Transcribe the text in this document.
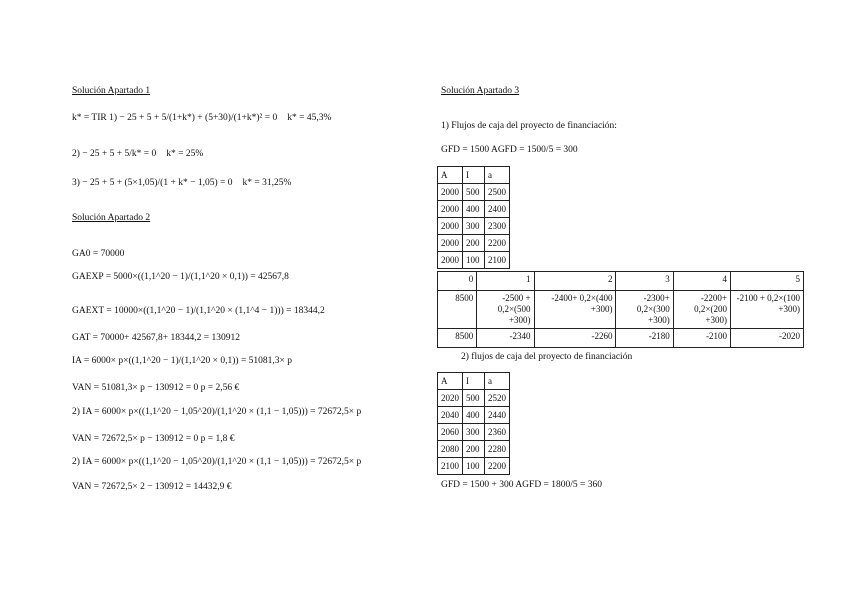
Solución Apartado 1
k* = TIR 1) − 25 + 5 + 5/(1+k*) + (5+30)/(1+k*)² = 0 k* = 45,3%
2) − 25 + 5 + 5/k* = 0 k* = 25%
3) − 25 + 5 + (5×1,05)/(1 + k* − 1,05) = 0 k* = 31,25%
Solución Apartado 2
GA0 = 70000
GAEXP = 5000×((1,1^20 − 1)/(1,1^20 × 0,1)) = 42567,8
GAEXT = 10000×((1,1^20 − 1)/(1,1^20 × (1,1^4 − 1))) = 18344,2
GAT = 70000+ 42567,8+ 18344,2 = 130912
IA = 6000× p×((1,1^20 − 1)/(1,1^20 × 0,1)) = 51081,3× p
VAN = 51081,3× p − 130912 = 0 p = 2,56 €
2) IA = 6000× p×((1,1^20 − 1,05^20)/(1,1^20 × (1,1 − 1,05))) = 72672,5× p
VAN = 72672,5× p − 130912 = 0 p = 1,8 €
2) IA = 6000× p×((1,1^20 − 1,05^20)/(1,1^20 × (1,1 − 1,05))) = 72672,5× p
VAN = 72672,5× 2 − 130912 = 14432,9 €
Solución Apartado 3
1) Flujos de caja del proyecto de financiación:
GFD = 1500 AGFD = 1500/5 = 300
A	I	a
2000	500	2500
2000	400	2400
2000	300	2300
2000	200	2200
2000	100	2100
0	1	2	3	4	5
8500	-2500 + 0,2×(500 +300)	-2400+ 0,2×(400 +300)	-2300+ 0,2×(300 +300)	-2200+ 0,2×(200 +300)	-2100 + 0,2×(100 +300)
8500	-2340	-2260	-2180	-2100	-2020
2) flujos de caja del proyecto de financiación
A	I	a
2020	500	2520
2040	400	2440
2060	300	2360
2080	200	2280
2100	100	2200
GFD = 1500 + 300 AGFD = 1800/5 = 360
